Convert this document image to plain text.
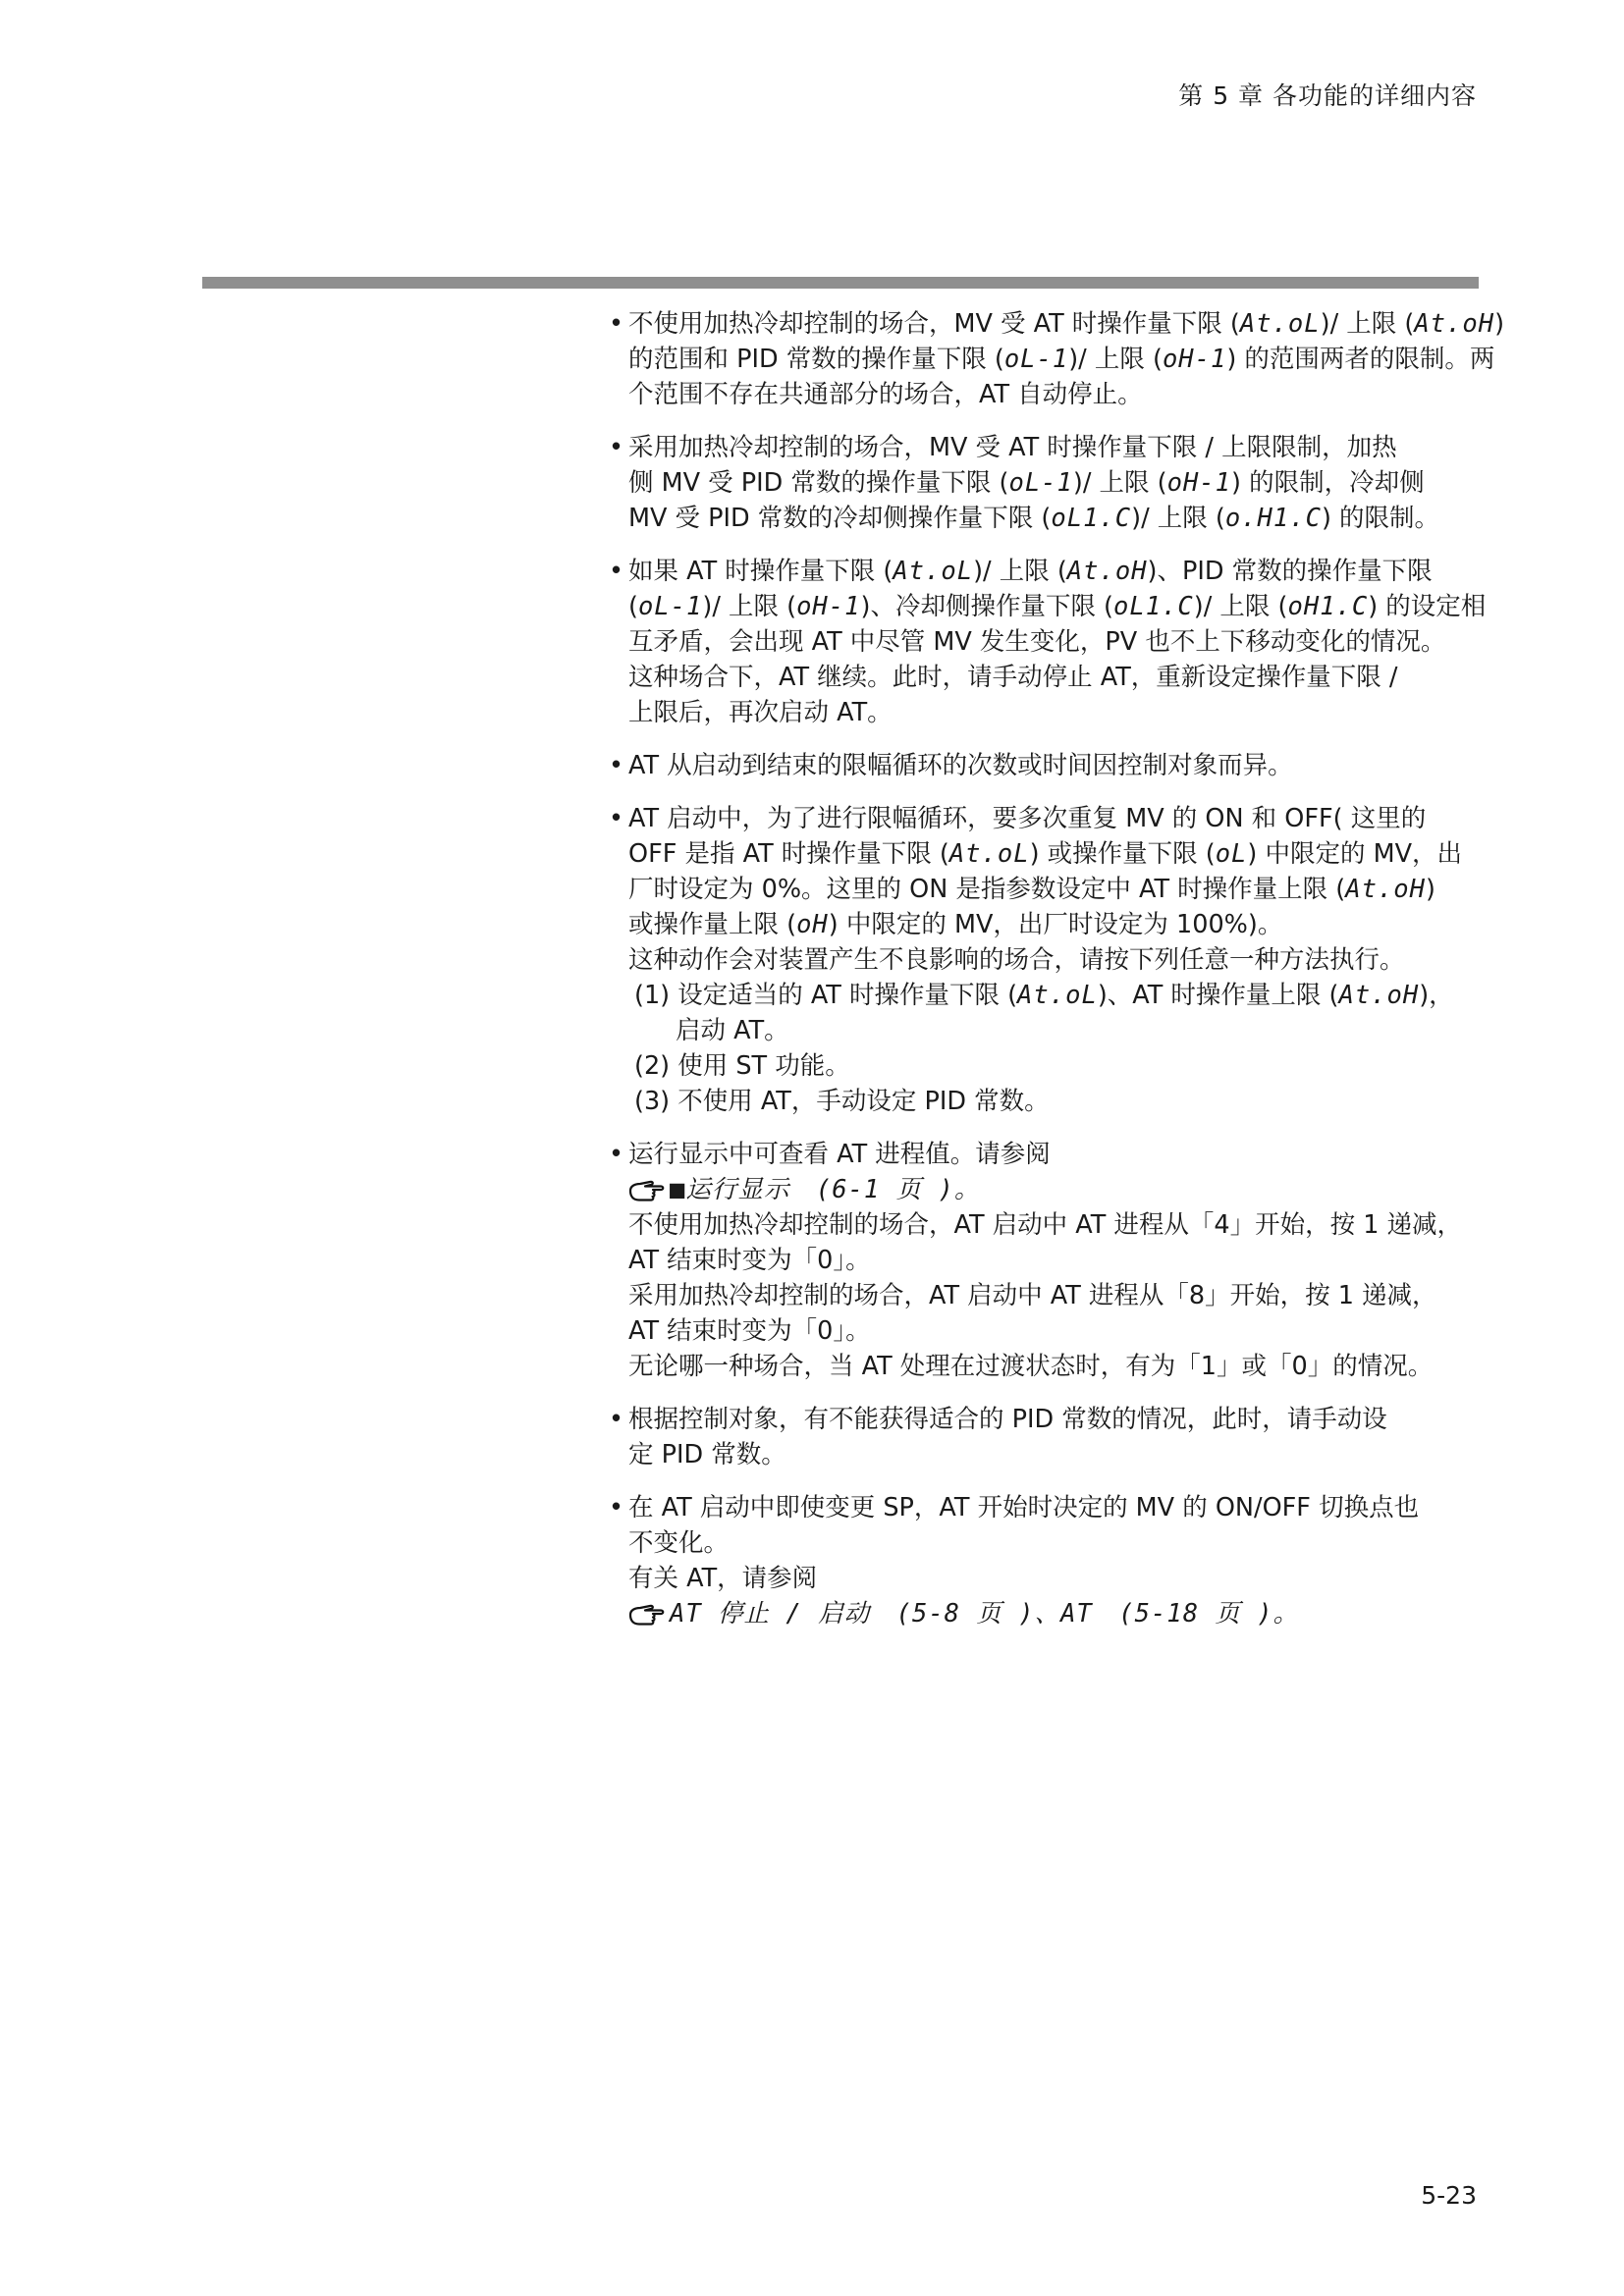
第 5 章 各功能的详细内容
• 不使用加热冷却控制的场合，MV 受 AT 时操作量下限 (At.oL)/ 上限 (At.oH)
的范围和 PID 常数的操作量下限 (oL-1)/ 上限 (oH-1) 的范围两者的限制。两
个范围不存在共通部分的场合，AT 自动停止。
• 采用加热冷却控制的场合，MV 受 AT 时操作量下限 / 上限限制，加热
侧 MV 受 PID 常数的操作量下限 (oL-1)/ 上限 (oH-1) 的限制，冷却侧
MV 受 PID 常数的冷却侧操作量下限 (oL1.C)/ 上限 (o.H1.C) 的限制。
• 如果 AT 时操作量下限 (At.oL)/ 上限 (At.oH)、PID 常数的操作量下限
(oL-1)/ 上限 (oH-1)、冷却侧操作量下限 (oL1.C)/ 上限 (oH1.C) 的设定相
互矛盾，会出现 AT 中尽管 MV 发生变化，PV 也不上下移动变化的情况。
这种场合下，AT 继续。此时，请手动停止 AT，重新设定操作量下限 /
上限后，再次启动 AT。
• AT 从启动到结束的限幅循环的次数或时间因控制对象而异。
• AT 启动中，为了进行限幅循环，要多次重复 MV 的 ON 和 OFF( 这里的
OFF 是指 AT 时操作量下限 (At.oL) 或操作量下限 (oL) 中限定的 MV，出
厂时设定为 0%。这里的 ON 是指参数设定中 AT 时操作量上限 (At.oH)
或操作量上限 (oH) 中限定的 MV，出厂时设定为 100%)。
这种动作会对装置产生不良影响的场合，请按下列任意一种方法执行。
(1) 设定适当的 AT 时操作量下限 (At.oL)、AT 时操作量上限 (At.oH)，
启动 AT。
(2) 使用 ST 功能。
(3) 不使用 AT，手动设定 PID 常数。
• 运行显示中可查看 AT 进程值。请参阅
■运行显示　(6-1 页 )。
不使用加热冷却控制的场合，AT 启动中 AT 进程从「4」开始，按 1 递减，
AT 结束时变为「0」。
采用加热冷却控制的场合，AT 启动中 AT 进程从「8」开始，按 1 递减，
AT 结束时变为「0」。
无论哪一种场合，当 AT 处理在过渡状态时，有为「1」或「0」的情况。
• 根据控制对象，有不能获得适合的 PID 常数的情况，此时，请手动设
定 PID 常数。
• 在 AT 启动中即使变更 SP，AT 开始时决定的 MV 的 ON/OFF 切换点也
不变化。
有关 AT，请参阅
AT 停止 / 启动　(5-8 页 )、AT　(5-18 页 )。
5-23
